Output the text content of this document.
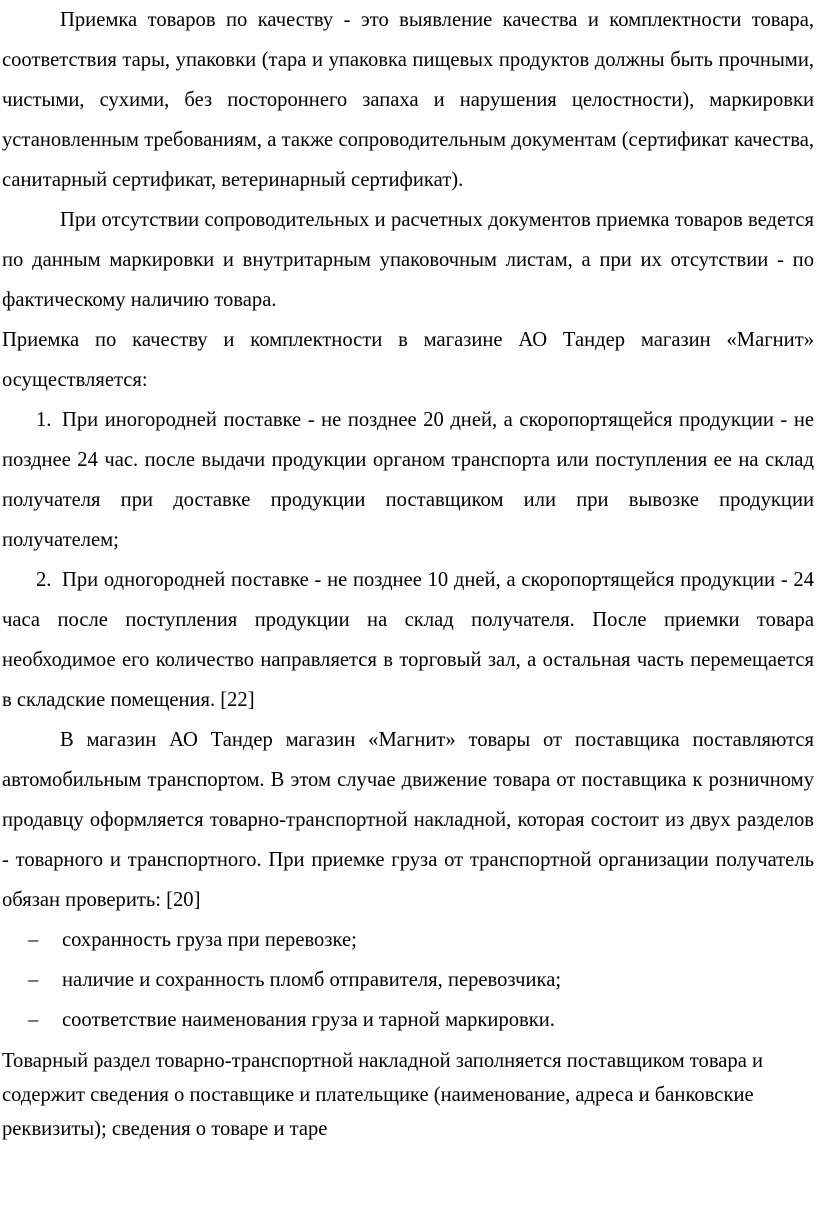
Приемка товаров по качеству - это выявление качества и комплектности товара, соответствия тары, упаковки (тара и упаковка пищевых продуктов должны быть прочными, чистыми, сухими, без постороннего запаха и нарушения целостности), маркировки установленным требованиям, а также сопроводительным документам (сертификат качества, санитарный сертификат, ветеринарный сертификат).

При отсутствии сопроводительных и расчетных документов приемка товаров ведется по данным маркировки и внутритарным упаковочным листам, а при их отсутствии - по фактическому наличию товара.

Приемка по качеству и комплектности в магазине АО Тандер магазин «Магнит» осуществляется:

1. При иногородней поставке - не позднее 20 дней, а скоропортящейся продукции - не позднее 24 час. после выдачи продукции органом транспорта или поступления ее на склад получателя при доставке продукции поставщиком или при вывозке продукции получателем;

2. При одногородней поставке - не позднее 10 дней, а скоропортящейся продукции - 24 часа после поступления продукции на склад получателя. После приемки товара необходимое его количество направляется в торговый зал, а остальная часть перемещается в складские помещения. [22]

В магазин АО Тандер магазин «Магнит» товары от поставщика поставляются автомобильным транспортом. В этом случае движение товара от поставщика к розничному продавцу оформляется товарно-транспортной накладной, которая состоит из двух разделов - товарного и транспортного. При приемке груза от транспортной организации получатель обязан проверить: [20]

– сохранность груза при перевозке;

– наличие и сохранность пломб отправителя, перевозчика;

– соответствие наименования груза и тарной маркировки.

Товарный раздел товарно-транспортной накладной заполняется поставщиком товара и содержит сведения о поставщике и плательщике (наименование, адреса и банковские реквизиты); сведения о товаре и таре
